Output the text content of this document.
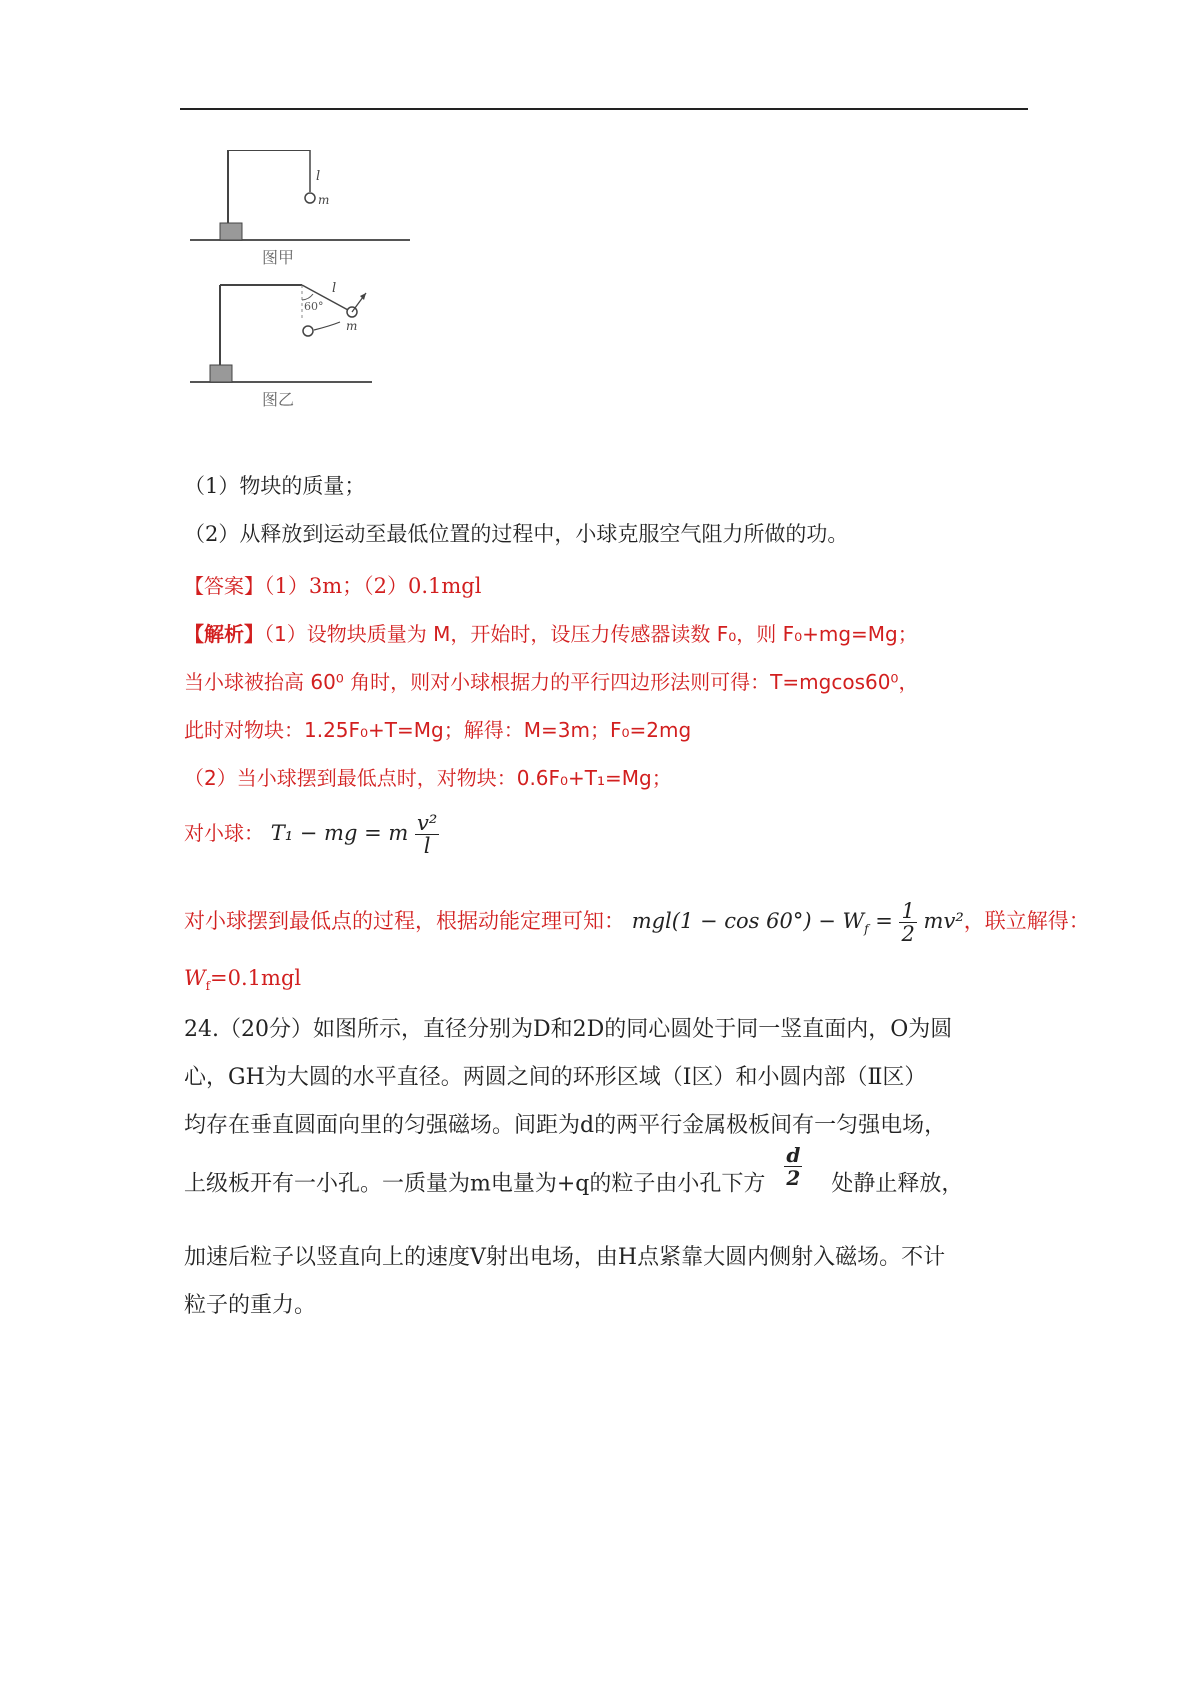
l
m
图甲
60°
l
m
图乙
（1）物块的质量；
（2）从释放到运动至最低位置的过程中，小球克服空气阻力所做的功。
【答案】（1）3m；（2）0.1mgl
【解析】（1）设物块质量为 M，开始时，设压力传感器读数 F₀，则 F₀+mg=Mg；
当小球被抬高 60⁰ 角时，则对小球根据力的平行四边形法则可得：T=mgcos60⁰，
此时对物块：1.25F₀+T=Mg；解得：M=3m；F₀=2mg
（2）当小球摆到最低点时，对物块：0.6F₀+T₁=Mg；
对小球： T₁ − mg = m $\frac{\text{v²}}{l}$
对小球摆到最低点的过程，根据动能定理可知： $mgl(1 - \cos 60^\circ) - W_f = \frac{1}{2} mv^2$，联立解得：
$W_f=0.1mgl$
24.（20分）如图所示，直径分别为D和2D的同心圆处于同一竖直面内，O为圆
心，GH为大圆的水平直径。两圆之间的环形区域（Ⅰ区）和小圆内部（Ⅱ区）
均存在垂直圆面向里的匀强磁场。间距为d的两平行金属极板间有一匀强电场，
上级板开有一小孔。一质量为m电量为+q的粒子由小孔下方 $\frac{d}{2}$ 处静止释放，
加速后粒子以竖直向上的速度V射出电场，由H点紧靠大圆内侧射入磁场。不计
粒子的重力。
